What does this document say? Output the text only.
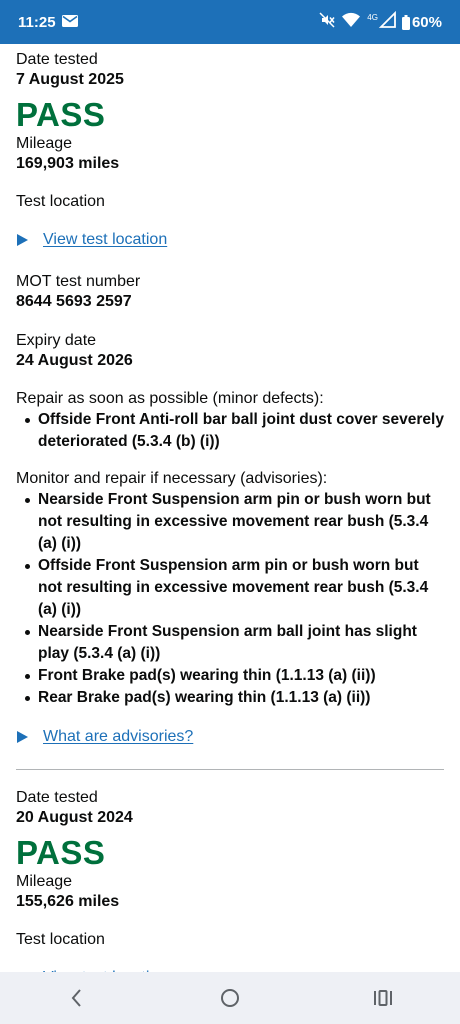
11:25	4G 60%
Date tested
7 August 2025
PASS
Mileage
169,903 miles
Test location
View test location
MOT test number
8644 5693 2597
Expiry date
24 August 2026
Repair as soon as possible (minor defects):
Offside Front Anti-roll bar ball joint dust cover severely deteriorated (5.3.4 (b) (i))
Monitor and repair if necessary (advisories):
Nearside Front Suspension arm pin or bush worn but not resulting in excessive movement rear bush (5.3.4 (a) (i))
Offside Front Suspension arm pin or bush worn but not resulting in excessive movement rear bush (5.3.4 (a) (i))
Nearside Front Suspension arm ball joint has slight play (5.3.4 (a) (i))
Front Brake pad(s) wearing thin (1.1.13 (a) (ii))
Rear Brake pad(s) wearing thin (1.1.13 (a) (ii))
What are advisories?
Date tested
20 August 2024
PASS
Mileage
155,626 miles
Test location
